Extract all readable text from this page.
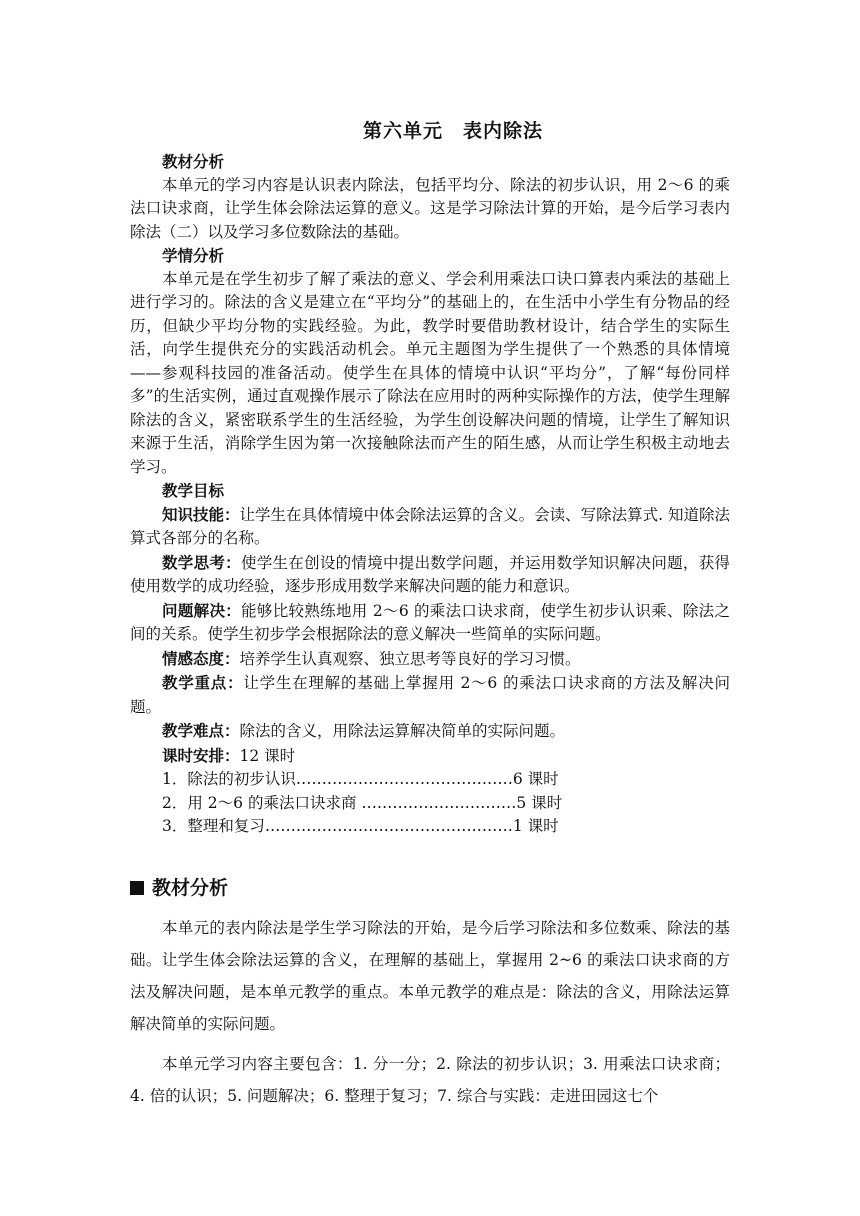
第六单元　表内除法

教材分析

本单元的学习内容是认识表内除法，包括平均分、除法的初步认识，用 2～6 的乘法口诀求商，让学生体会除法运算的意义。这是学习除法计算的开始，是今后学习表内除法（二）以及学习多位数除法的基础。

学情分析

本单元是在学生初步了解了乘法的意义、学会利用乘法口诀口算表内乘法的基础上进行学习的。除法的含义是建立在“平均分”的基础上的，在生活中小学生有分物品的经历，但缺少平均分物的实践经验。为此，教学时要借助教材设计，结合学生的实际生活，向学生提供充分的实践活动机会。单元主题图为学生提供了一个熟悉的具体情境——参观科技园的准备活动。使学生在具体的情境中认识“平均分”，了解“每份同样多”的生活实例，通过直观操作展示了除法在应用时的两种实际操作的方法，使学生理解除法的含义，紧密联系学生的生活经验，为学生创设解决问题的情境，让学生了解知识来源于生活，消除学生因为第一次接触除法而产生的陌生感，从而让学生积极主动地去学习。

教学目标

知识技能：让学生在具体情境中体会除法运算的含义。会读、写除法算式. 知道除法算式各部分的名称。

数学思考：使学生在创设的情境中提出数学问题，并运用数学知识解决问题，获得使用数学的成功经验，逐步形成用数学来解决问题的能力和意识。

问题解决：能够比较熟练地用 2～6 的乘法口诀求商，使学生初步认识乘、除法之间的关系。使学生初步学会根据除法的意义解决一些简单的实际问题。

情感态度：培养学生认真观察、独立思考等良好的学习习惯。

教学重点：让学生在理解的基础上掌握用 2～6 的乘法口诀求商的方法及解决问题。

教学难点：除法的含义，用除法运算解决简单的实际问题。

课时安排：12 课时

1．除法的初步认识……………………………………6 课时
2．用 2～6 的乘法口诀求商 …………………………5 课时
3．整理和复习…………………………………………1 课时
教材分析

本单元的表内除法是学生学习除法的开始，是今后学习除法和多位数乘、除法的基础。让学生体会除法运算的含义，在理解的基础上，掌握用 2~6 的乘法口诀求商的方法及解决问题，是本单元教学的重点。本单元教学的难点是：除法的含义，用除法运算解决简单的实际问题。

本单元学习内容主要包含：1. 分一分；2. 除法的初步认识；3. 用乘法口诀求商；4. 倍的认识；5. 问题解决；6. 整理于复习；7. 综合与实践：走进田园这七个
